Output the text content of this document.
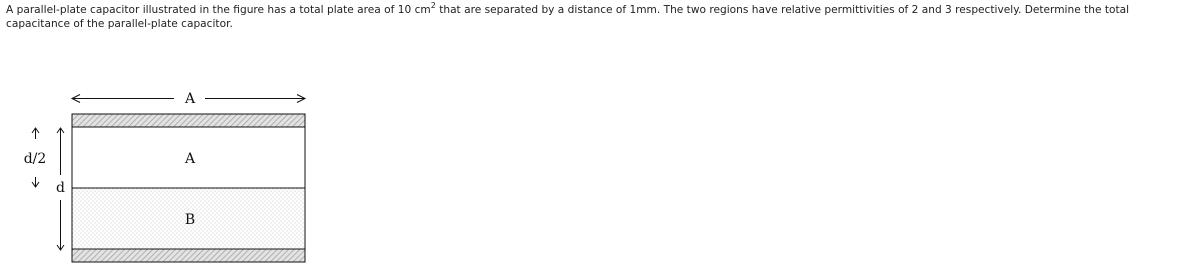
A parallel-plate capacitor illustrated in the figure has a total plate area of 10 $cm^2$ that are separated by a distance of 1mm. The two regions have relative permittivities of 2 and 3 respectively. Determine the total capacitance of the parallel-plate capacitor.
A
A
B
d/2
d
